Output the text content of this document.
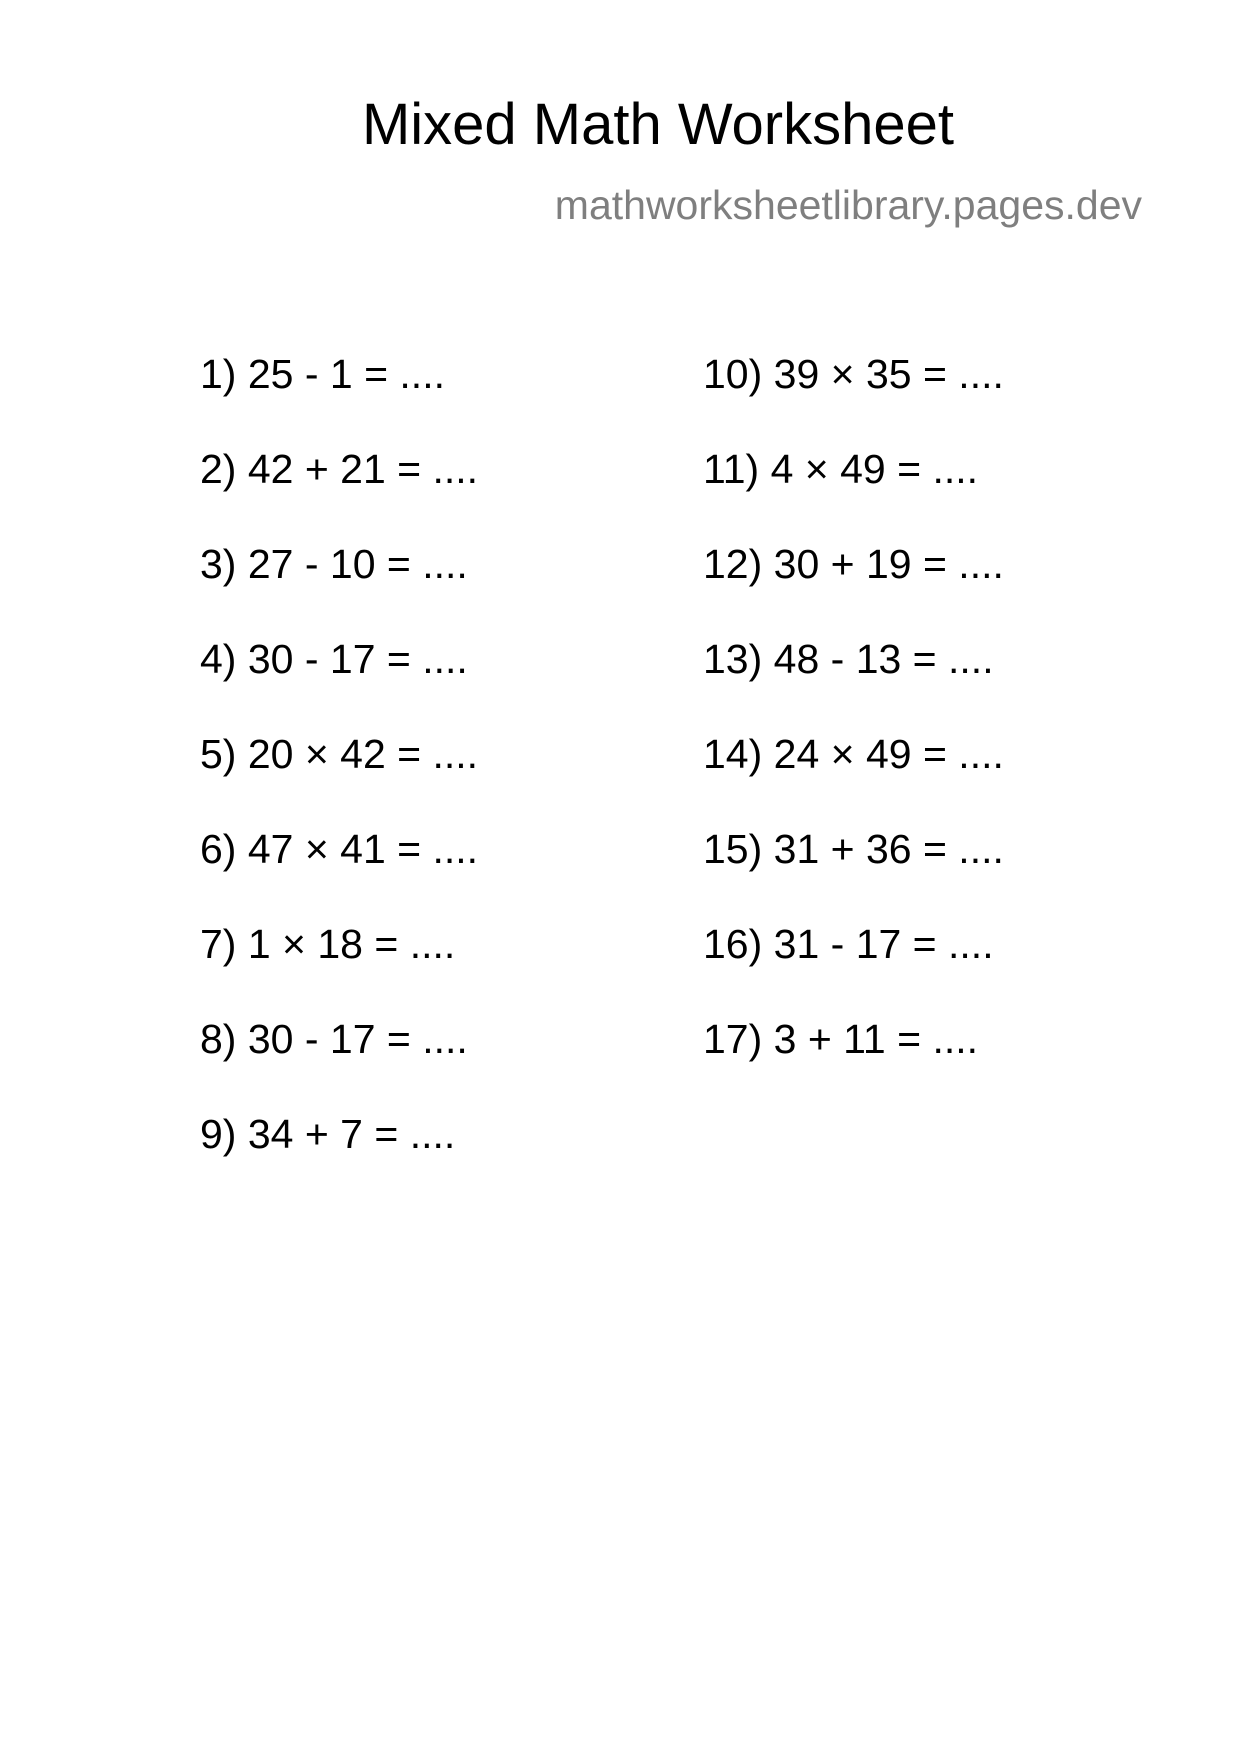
Mixed Math Worksheet
mathworksheetlibrary.pages.dev
1) 25 - 1 = ....
2) 42 + 21 = ....
3) 27 - 10 = ....
4) 30 - 17 = ....
5) 20 × 42 = ....
6) 47 × 41 = ....
7) 1 × 18 = ....
8) 30 - 17 = ....
9) 34 + 7 = ....
10) 39 × 35 = ....
11) 4 × 49 = ....
12) 30 + 19 = ....
13) 48 - 13 = ....
14) 24 × 49 = ....
15) 31 + 36 = ....
16) 31 - 17 = ....
17) 3 + 11 = ....
